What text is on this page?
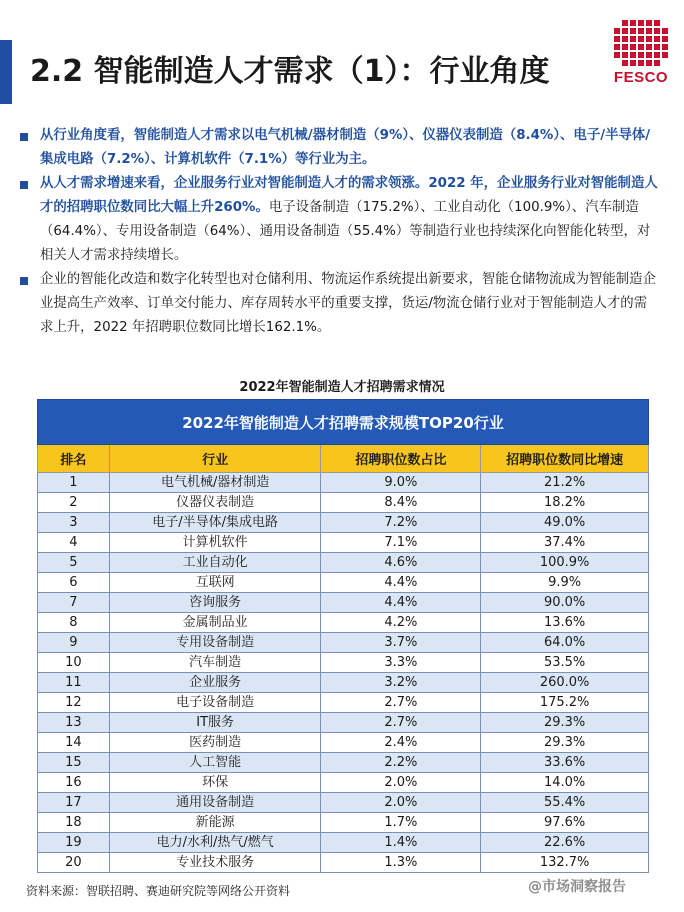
2.2 智能制造人才需求（1）：行业角度	FESCO
从行业角度看，智能制造人才需求以电气机械/器材制造（9%）、仪器仪表制造（8.4%）、电子/半导体/集成电路（7.2%）、计算机软件（7.1%）等行业为主。
从人才需求增速来看，企业服务行业对智能制造人才的需求领涨。2022 年，企业服务行业对智能制造人才的招聘职位数同比大幅上升260%。电子设备制造（175.2%）、工业自动化（100.9%）、汽车制造（64.4%）、专用设备制造（64%）、通用设备制造（55.4%）等制造行业也持续深化向智能化转型，对相关人才需求持续增长。
企业的智能化改造和数字化转型也对仓储利用、物流运作系统提出新要求，智能仓储物流成为智能制造企业提高生产效率、订单交付能力、库存周转水平的重要支撑，货运/物流仓储行业对于智能制造人才的需求上升，2022 年招聘职位数同比增长162.1%。
2022年智能制造人才招聘需求情况
2022年智能制造人才招聘需求规模TOP20行业			
排名	行业	招聘职位数占比	招聘职位数同比增速
1	电气机械/器材制造	9.0%	21.2%
2	仪器仪表制造	8.4%	18.2%
3	电子/半导体/集成电路	7.2%	49.0%
4	计算机软件	7.1%	37.4%
5	工业自动化	4.6%	100.9%
6	互联网	4.4%	9.9%
7	咨询服务	4.4%	90.0%
8	金属制品业	4.2%	13.6%
9	专用设备制造	3.7%	64.0%
10	汽车制造	3.3%	53.5%
11	企业服务	3.2%	260.0%
12	电子设备制造	2.7%	175.2%
13	IT服务	2.7%	29.3%
14	医药制造	2.4%	29.3%
15	人工智能	2.2%	33.6%
16	环保	2.0%	14.0%
17	通用设备制造	2.0%	55.4%
18	新能源	1.7%	97.6%
19	电力/水利/热气/燃气	1.4%	22.6%
20	专业技术服务	1.3%	132.7%
资料来源：智联招聘、赛迪研究院等网络公开资料	@市场洞察报告
